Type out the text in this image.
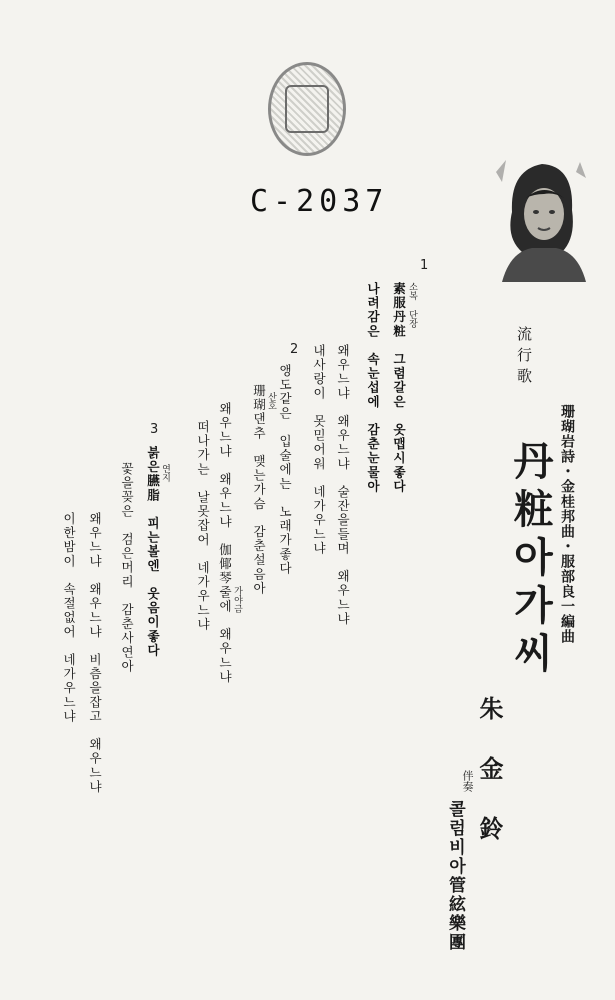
C-2037
流行歌
珊瑚岩詩・金桂邦曲・服部良一編曲
丹粧아가씨
朱金鈴
伴奏
콜럼비아管絃樂團
1
2
3
소복 단장
素服丹粧　그렴갈은　옷맵시좋다
나려감은　속눈섭에　감춘눈물아
왜우느냐　왜우느냐　술잔을들며　왜우느냐
내사랑이　못믿어워　네가우느냐
앵도같은　입술에는　노래가좋다
산호
珊瑚댄추　맺는가슴　감춘설음아
가야금
왜우느냐　왜우느냐　伽倻琴줄에　왜우느냐
떠나가는　날못잡어　네가우느냐
연지
붉은臙脂　피는볼엔　웃음이좋다
꽃을꽂은　검은머리　감춘사연아
왜우느냐　왜우느냐　비츰을잡고　왜우느냐
이한밤이　속절없어　네가우느냐
